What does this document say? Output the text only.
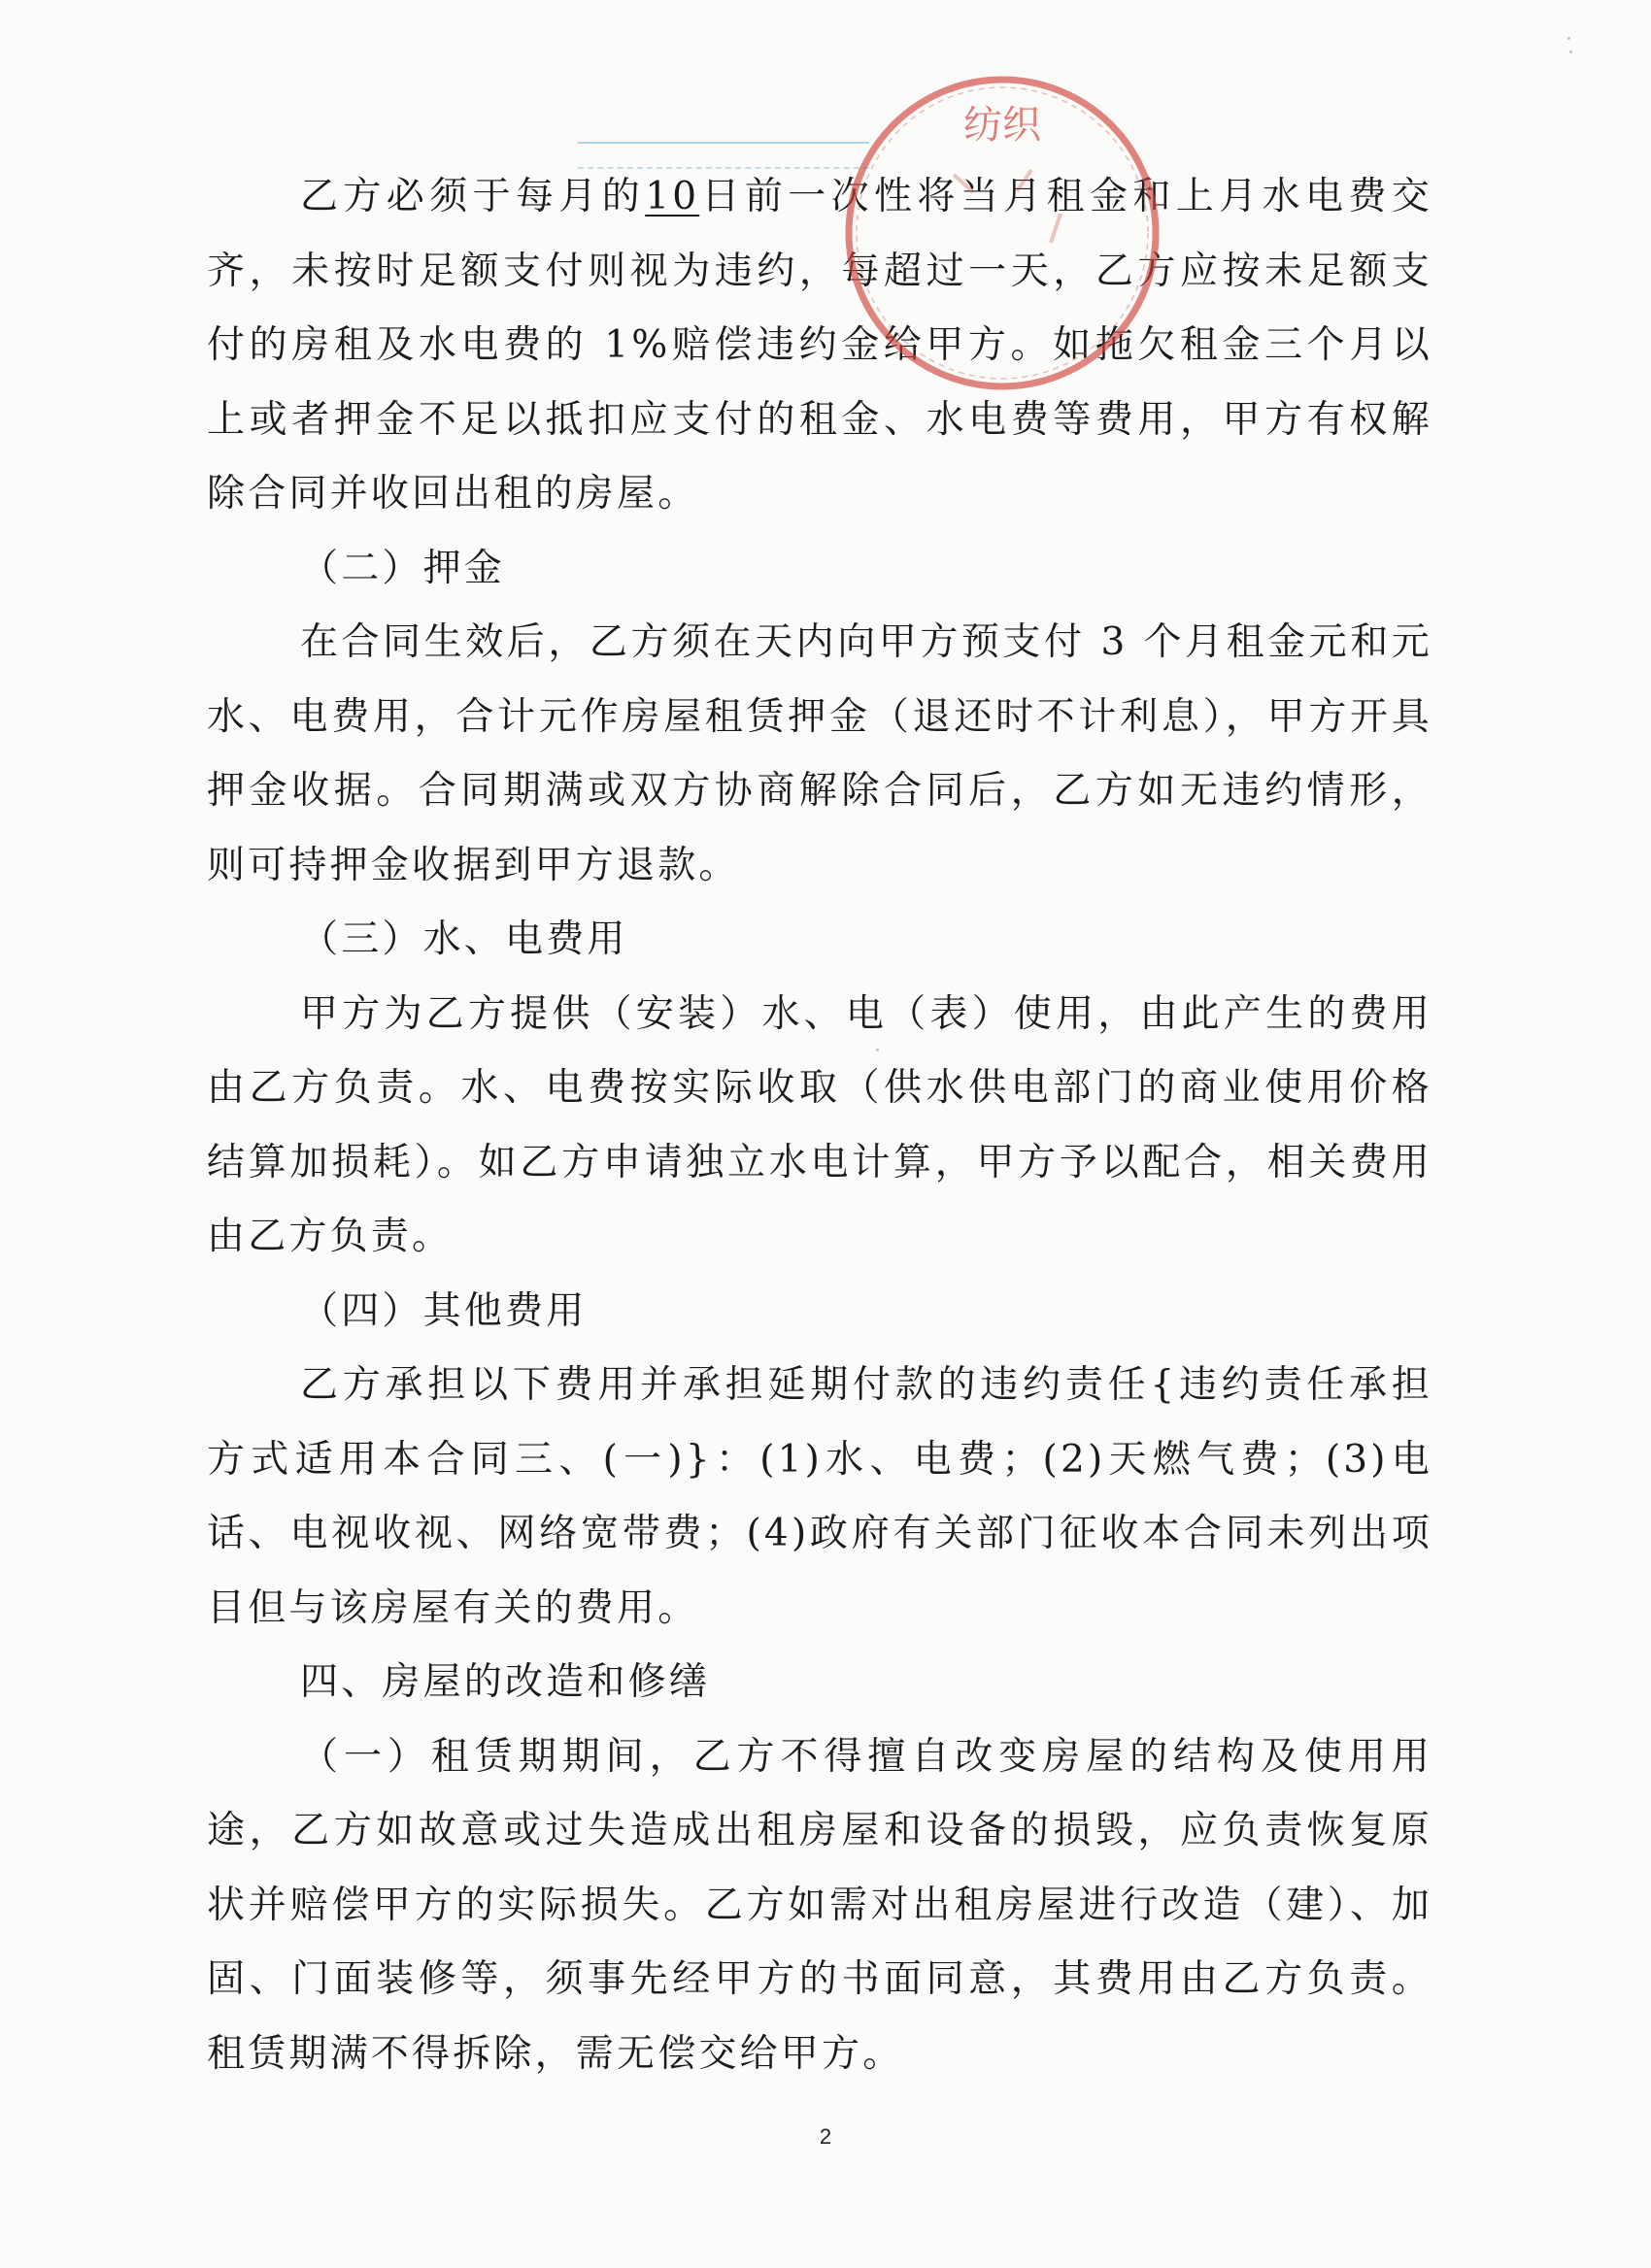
乙方必须于每月的10日前一次性将当月租金和上月水电费交齐，未按时足额支付则视为违约，每超过一天，乙方应按未足额支付的房租及水电费的 1%赔偿违约金给甲方。如拖欠租金三个月以上或者押金不足以抵扣应支付的租金、水电费等费用，甲方有权解除合同并收回出租的房屋。

（二）押金

在合同生效后，乙方须在天内向甲方预支付 3 个月租金元和元水、电费用，合计元作房屋租赁押金（退还时不计利息），甲方开具押金收据。合同期满或双方协商解除合同后，乙方如无违约情形，则可持押金收据到甲方退款。

（三）水、电费用

甲方为乙方提供（安装）水、电（表）使用，由此产生的费用由乙方负责。水、电费按实际收取（供水供电部门的商业使用价格结算加损耗）。如乙方申请独立水电计算，甲方予以配合，相关费用由乙方负责。

（四）其他费用

乙方承担以下费用并承担延期付款的违约责任{违约责任承担方式适用本合同三、(一)}：(1)水、电费；(2)天燃气费；(3)电话、电视收视、网络宽带费；(4)政府有关部门征收本合同未列出项目但与该房屋有关的费用。

四、房屋的改造和修缮

（一）租赁期期间，乙方不得擅自改变房屋的结构及使用用途，乙方如故意或过失造成出租房屋和设备的损毁，应负责恢复原状并赔偿甲方的实际损失。乙方如需对出租房屋进行改造（建）、加固、门面装修等，须事先经甲方的书面同意，其费用由乙方负责。租赁期满不得拆除，需无偿交给甲方。

纺织
2
